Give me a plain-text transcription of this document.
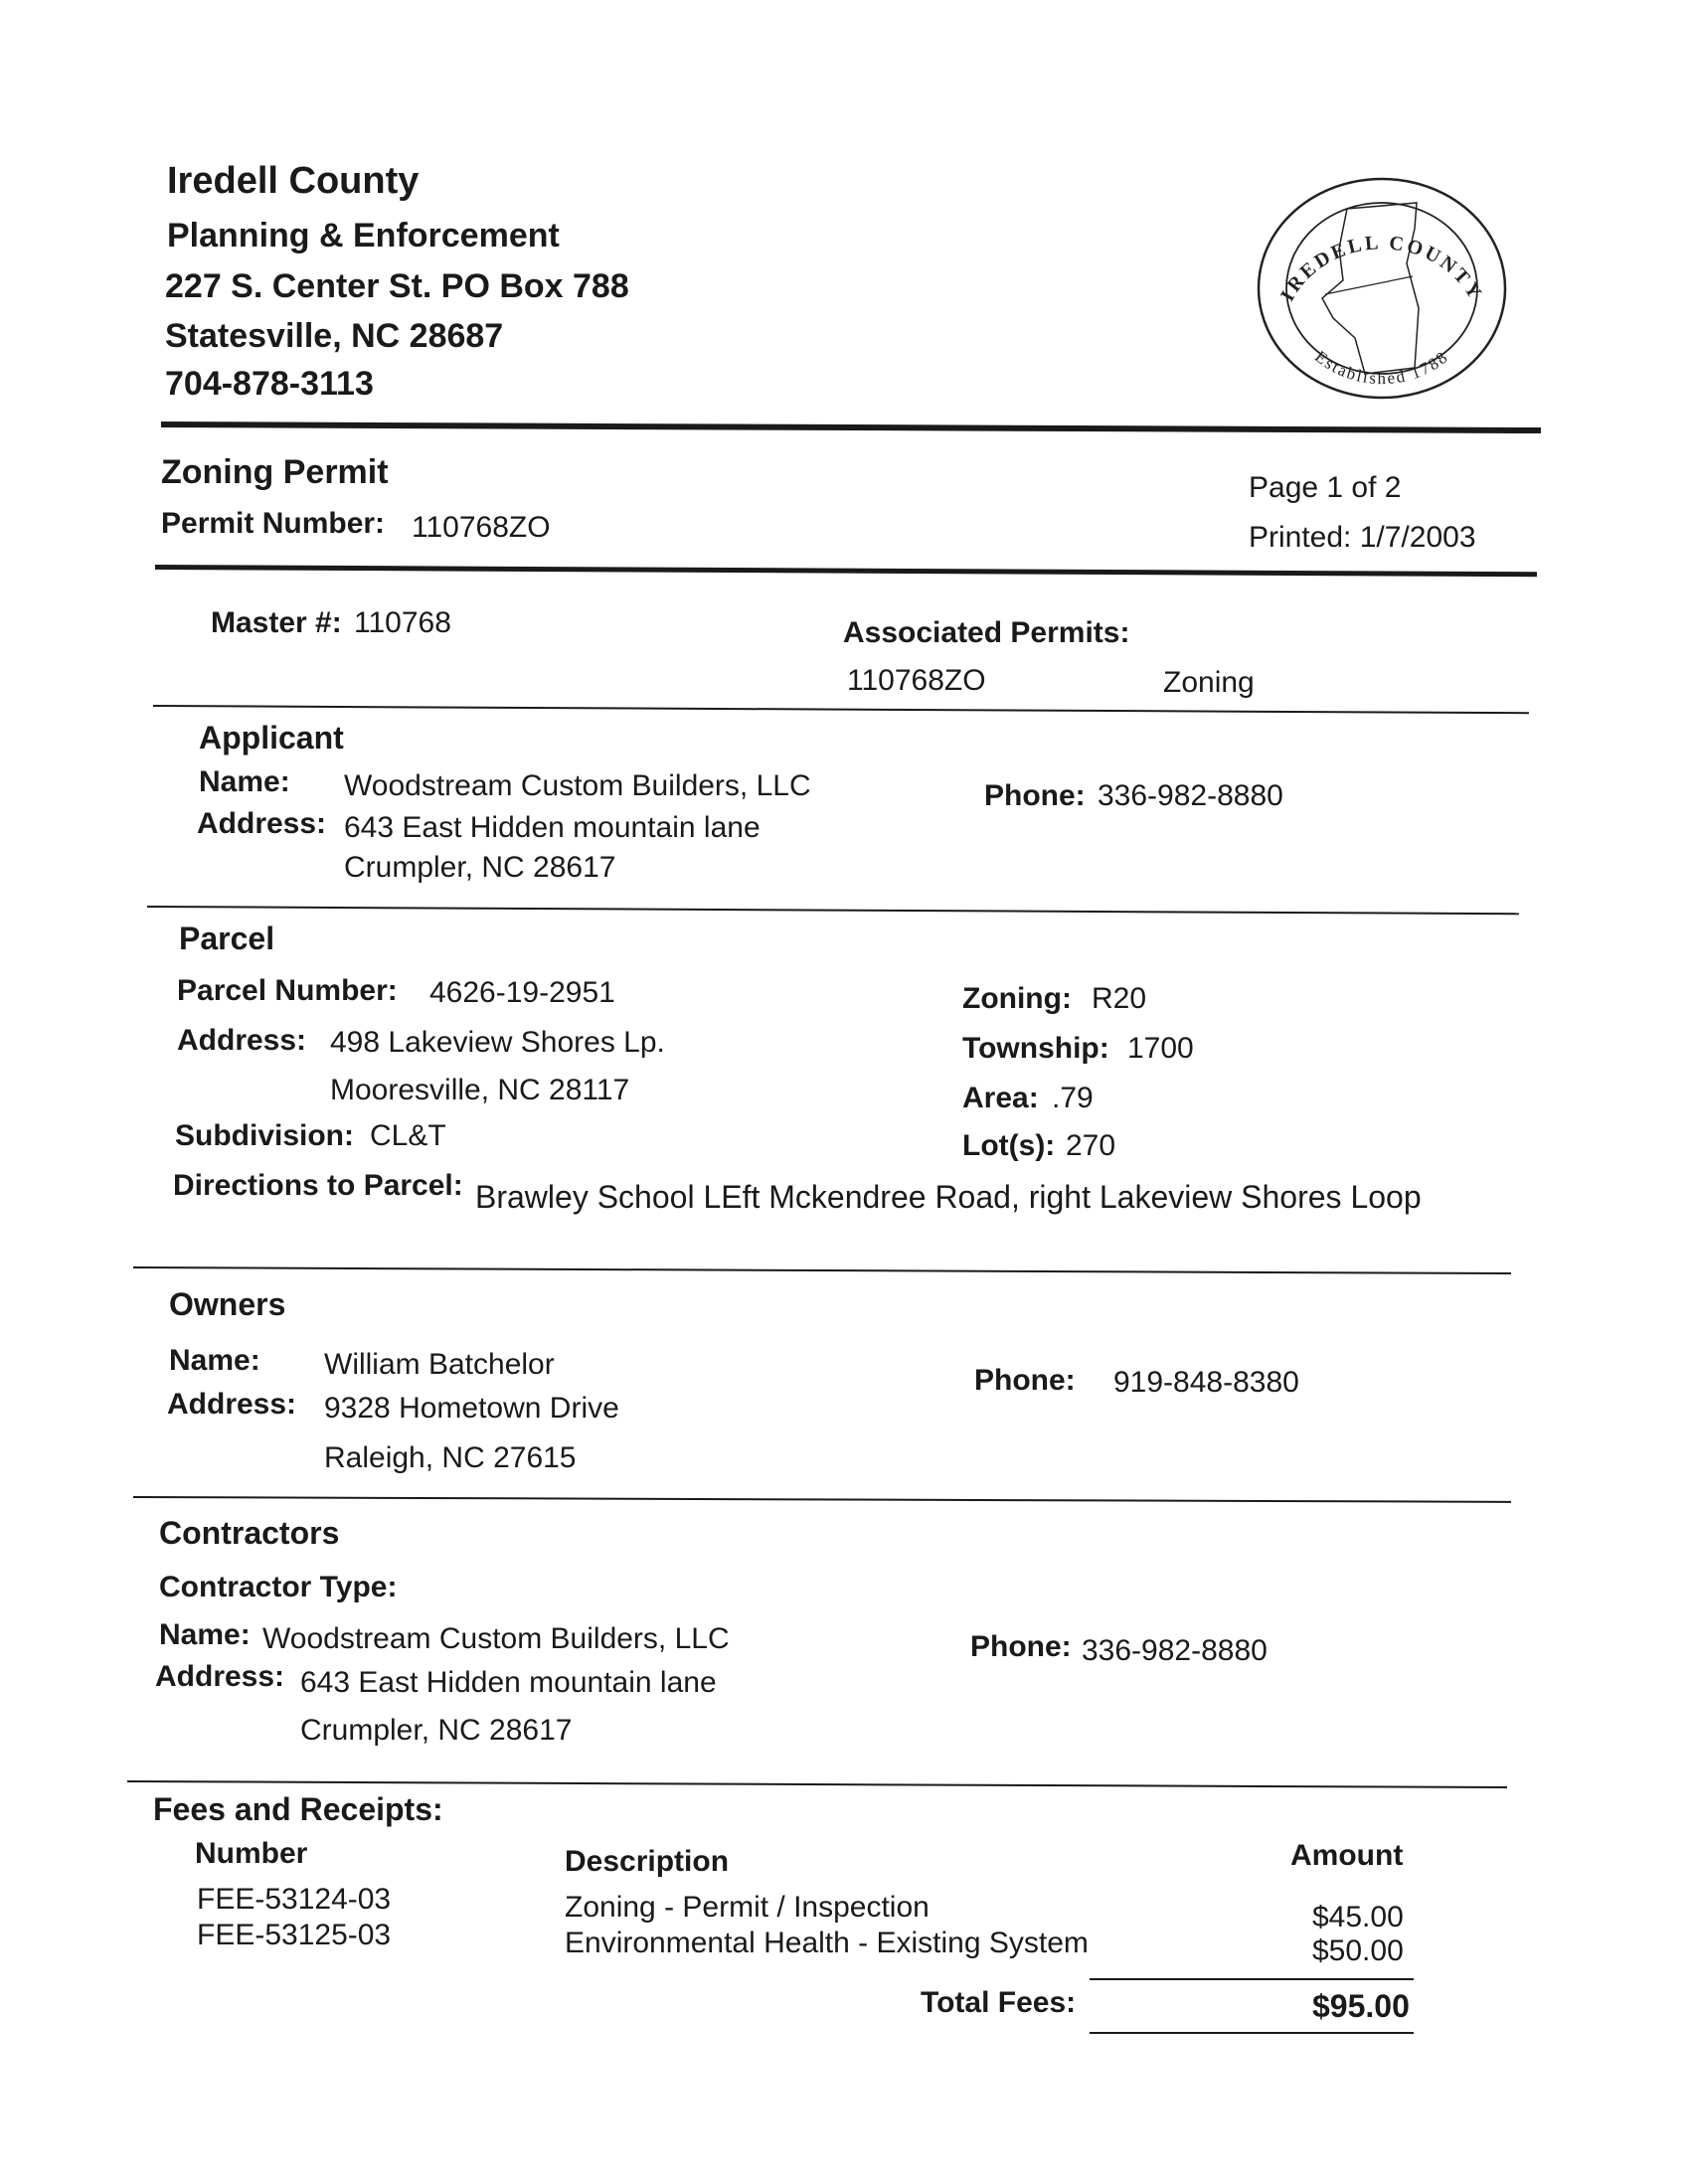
Iredell County
Planning & Enforcement
227 S. Center St. PO Box 788
Statesville, NC 28687
704-878-3113
IREDELL COUNTY
Established 1788
Zoning Permit
Permit Number: 110768ZO
Page 1 of 2
Printed: 1/7/2003
Master #: 110768	Associated Permits:
110768ZO	Zoning
Applicant
Name: Woodstream Custom Builders, LLC
Address: 643 East Hidden mountain lane
Crumpler, NC 28617
Phone: 336-982-8880
Parcel
Parcel Number: 4626-19-2951
Address: 498 Lakeview Shores Lp.
Mooresville, NC 28117
Subdivision: CL&T
Directions to Parcel: Brawley School LEft Mckendree Road, right Lakeview Shores Loop
Zoning: R20
Township: 1700
Area: .79
Lot(s): 270
Owners
Name: William Batchelor
Address: 9328 Hometown Drive
Raleigh, NC 27615
Phone: 919-848-8380
Contractors
Contractor Type:
Name: Woodstream Custom Builders, LLC
Address: 643 East Hidden mountain lane
Crumpler, NC 28617
Phone: 336-982-8880
Fees and Receipts:
Number	Description	Amount
FEE-53124-03	Zoning - Permit / Inspection	$45.00
FEE-53125-03	Environmental Health - Existing System	$50.00
Total Fees:	$95.00
